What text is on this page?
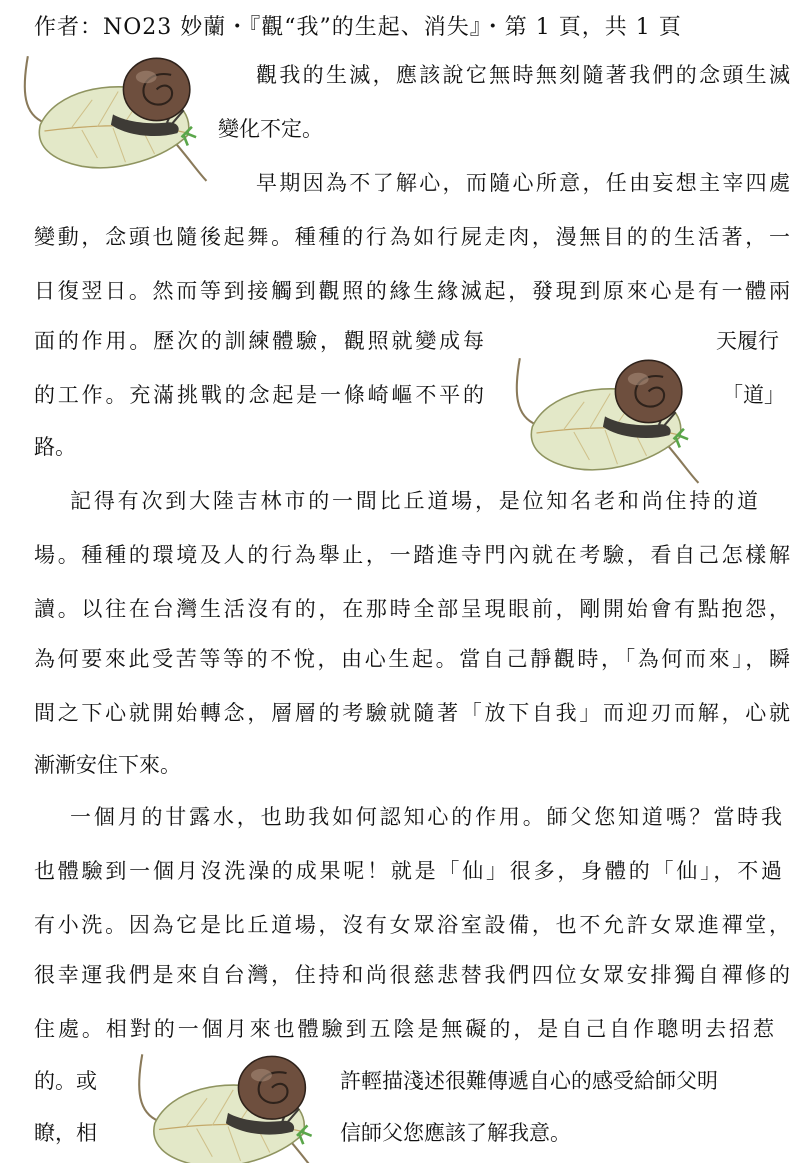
作者：NO23 妙蘭・『觀“我”的生起、消失』・第 1 頁，共 1 頁
觀我的生滅，應該說它無時無刻隨著我們的念頭生滅
變化不定。
早期因為不了解心，而隨心所意，任由妄想主宰四處
變動，念頭也隨後起舞。種種的行為如行屍走肉，漫無目的的生活著，一
日復翌日。然而等到接觸到觀照的緣生緣滅起，發現到原來心是有一體兩
面的作用。歷次的訓練體驗，觀照就變成每	天履行
的工作。充滿挑戰的念起是一條崎嶇不平的	「道」
路。
記得有次到大陸吉林市的一間比丘道場，是位知名老和尚住持的道
場。種種的環境及人的行為舉止，一踏進寺門內就在考驗，看自己怎樣解
讀。以往在台灣生活沒有的，在那時全部呈現眼前，剛開始會有點抱怨，
為何要來此受苦等等的不悅，由心生起。當自己靜觀時，「為何而來」，瞬
間之下心就開始轉念，層層的考驗就隨著「放下自我」而迎刃而解，心就
漸漸安住下來。
一個月的甘露水，也助我如何認知心的作用。師父您知道嗎？當時我
也體驗到一個月沒洗澡的成果呢！就是「仙」很多，身體的「仙」，不過
有小洗。因為它是比丘道場，沒有女眾浴室設備，也不允許女眾進禪堂，
很幸運我們是來自台灣，住持和尚很慈悲替我們四位女眾安排獨自禪修的
住處。相對的一個月來也體驗到五陰是無礙的，是自己自作聰明去招惹
的。或	許輕描淺述很難傳遞自心的感受給師父明
瞭，相	信師父您應該了解我意。
